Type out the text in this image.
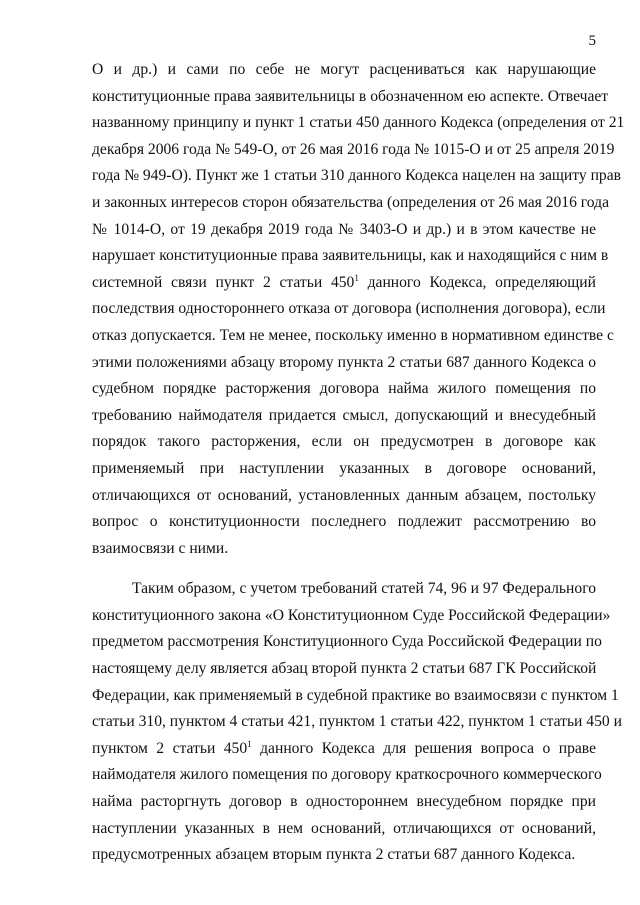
5
О и др.) и сами по себе не могут расцениваться как нарушающие
конституционные права заявительницы в обозначенном ею аспекте. Отвечает
названному принципу и пункт 1 статьи 450 данного Кодекса (определения от 21
декабря 2006 года № 549-О, от 26 мая 2016 года № 1015-О и от 25 апреля 2019
года № 949-О). Пункт же 1 статьи 310 данного Кодекса нацелен на защиту прав
и законных интересов сторон обязательства (определения от 26 мая 2016 года
№ 1014-О, от 19 декабря 2019 года № 3403-О и др.) и в этом качестве не
нарушает конституционные права заявительницы, как и находящийся с ним в
системной связи пункт 2 статьи $450^1$ данного Кодекса, определяющий
последствия одностороннего отказа от договора (исполнения договора), если
отказ допускается. Тем не менее, поскольку именно в нормативном единстве с
этими положениями абзацу второму пункта 2 статьи 687 данного Кодекса о
судебном порядке расторжения договора найма жилого помещения по
требованию наймодателя придается смысл, допускающий и внесудебный
порядок такого расторжения, если он предусмотрен в договоре как
применяемый при наступлении указанных в договоре оснований,
отличающихся от оснований, установленных данным абзацем, постольку
вопрос о конституционности последнего подлежит рассмотрению во
взаимосвязи с ними.
Таким образом, с учетом требований статей 74, 96 и 97 Федерального
конституционного закона «О Конституционном Суде Российской Федерации»
предметом рассмотрения Конституционного Суда Российской Федерации по
настоящему делу является абзац второй пункта 2 статьи 687 ГК Российской
Федерации, как применяемый в судебной практике во взаимосвязи с пунктом 1
статьи 310, пунктом 4 статьи 421, пунктом 1 статьи 422, пунктом 1 статьи 450 и
пунктом 2 статьи $450^1$ данного Кодекса для решения вопроса о праве
наймодателя жилого помещения по договору краткосрочного коммерческого
найма расторгнуть договор в одностороннем внесудебном порядке при
наступлении указанных в нем оснований, отличающихся от оснований,
предусмотренных абзацем вторым пункта 2 статьи 687 данного Кодекса.
